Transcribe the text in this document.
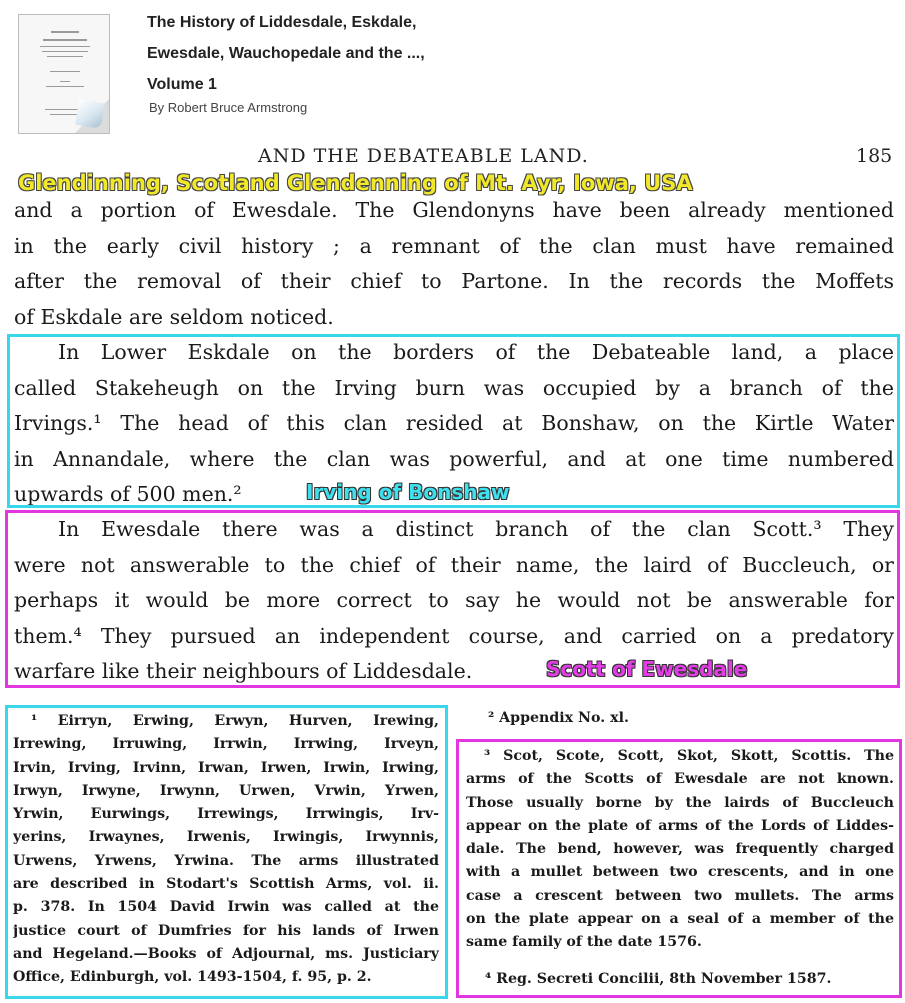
The History of Liddesdale, Eskdale,
Ewesdale, Wauchopedale and the ...,
Volume 1
By Robert Bruce Armstrong
AND THE DEBATEABLE LAND.	185
and a portion of Ewesdale. The Glendonyns have been already mentioned
in the early civil history ; a remnant of the clan must have remained
after the removal of their chief to Partone. In the records the Moffets
of Eskdale are seldom noticed.
In Lower Eskdale on the borders of the Debateable land, a place
called Stakeheugh on the Irving burn was occupied by a branch of the
Irvings.¹ The head of this clan resided at Bonshaw, on the Kirtle Water
in Annandale, where the clan was powerful, and at one time numbered
upwards of 500 men.²
In Ewesdale there was a distinct branch of the clan Scott.³ They
were not answerable to the chief of their name, the laird of Buccleuch, or
perhaps it would be more correct to say he would not be answerable for
them.⁴ They pursued an independent course, and carried on a predatory
warfare like their neighbours of Liddesdale.
¹ Eirryn, Erwing, Erwyn, Hurven, Irewing,
Irrewing, Irruwing, Irrwin, Irrwing, Irveyn,
Irvin, Irving, Irvinn, Irwan, Irwen, Irwin, Irwing,
Irwyn, Irwyne, Irwynn, Urwen, Vrwin, Yrwen,
Yrwin, Eurwings, Irrewings, Irrwingis, Irv-
yerins, Irwaynes, Irwenis, Irwingis, Irwynnis,
Urwens, Yrwens, Yrwina. The arms illustrated
are described in Stodart's Scottish Arms, vol. ii.
p. 378. In 1504 David Irwin was called at the
justice court of Dumfries for his lands of Irwen
and Hegeland.—Books of Adjournal, ms. Justiciary
Office, Edinburgh, vol. 1493-1504, f. 95, p. 2.
² Appendix No. xl.
³ Scot, Scote, Scott, Skot, Skott, Scottis. The
arms of the Scotts of Ewesdale are not known.
Those usually borne by the lairds of Buccleuch
appear on the plate of arms of the Lords of Liddes-
dale. The bend, however, was frequently charged
with a mullet between two crescents, and in one
case a crescent between two mullets. The arms
on the plate appear on a seal of a member of the
same family of the date 1576.
⁴ Reg. Secreti Concilii, 8th November 1587.
Glendinning, Scotland Glendenning of Mt. Ayr, Iowa, USA
Irving of Bonshaw
Scott of Ewesdale
